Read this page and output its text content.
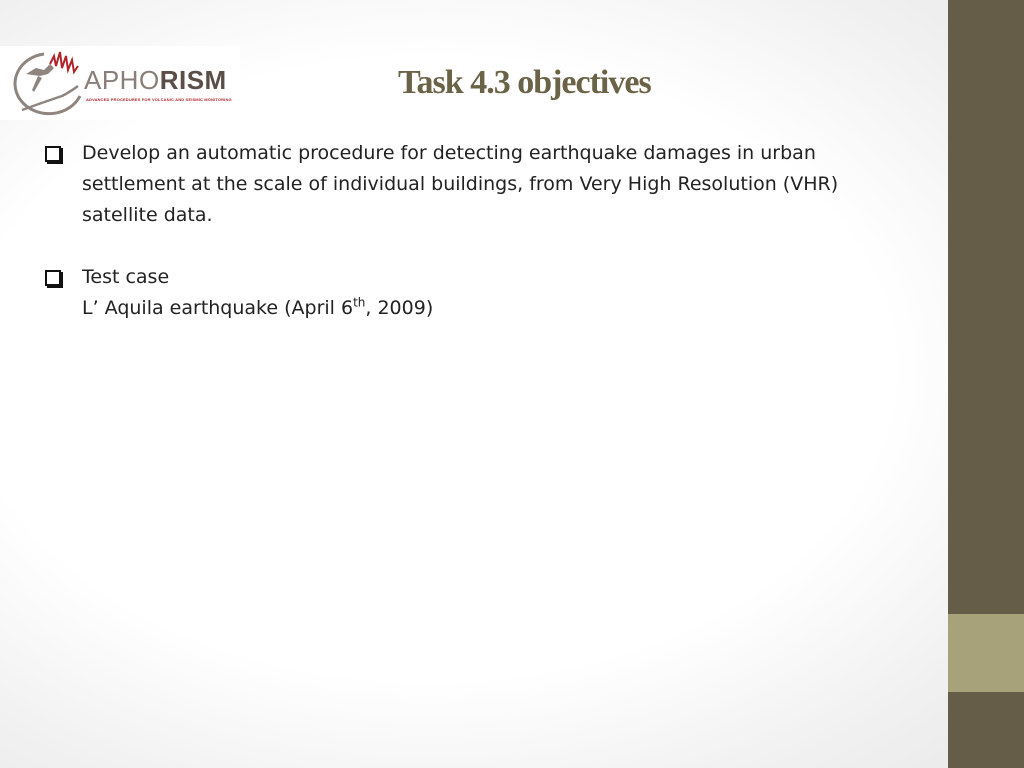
APHORISM
ADVANCED PROCEDURES FOR VOLCANIC AND SEISMIC MONITORING	Task 4.3 objectives

Develop an automatic procedure for detecting earthquake damages in urban
settlement at the scale of individual buildings, from Very High Resolution (VHR)
satellite data.

Test case
L’ Aquila earthquake (April 6th, 2009)
